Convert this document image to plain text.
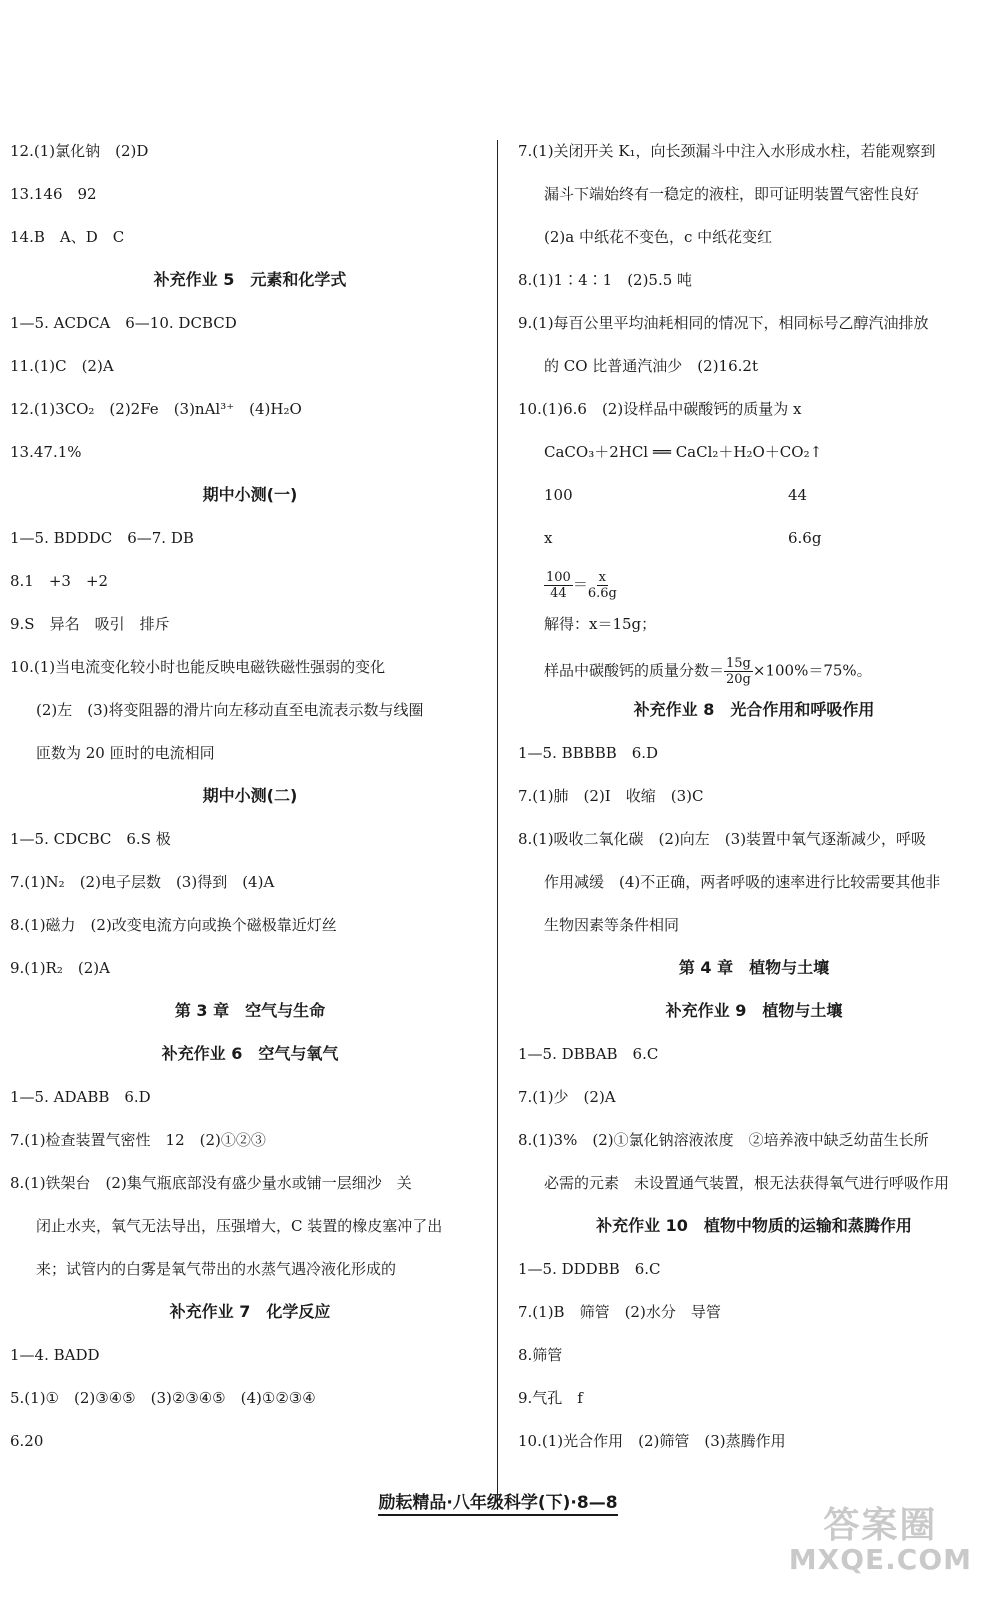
12.(1)氯化钠　(2)D
13.146　92
14.B　A、D　C
补充作业 5　元素和化学式
1—5. ACDCA　6—10. DCBCD
11.(1)C　(2)A
12.(1)3CO₂　(2)2Fe　(3)nAl³⁺　(4)H₂O
13.47.1%
期中小测(一)
1—5. BDDDC　6—7. DB
8.1　+3　+2
9.S　异名　吸引　排斥
10.(1)当电流变化较小时也能反映电磁铁磁性强弱的变化
(2)左　(3)将变阻器的滑片向左移动直至电流表示数与线圈
匝数为 20 匝时的电流相同
期中小测(二)
1—5. CDCBC　6.S 极
7.(1)N₂　(2)电子层数　(3)得到　(4)A
8.(1)磁力　(2)改变电流方向或换个磁极靠近灯丝
9.(1)R₂　(2)A
第 3 章　空气与生命
补充作业 6　空气与氧气
1—5. ADABB　6.D
7.(1)检查装置气密性　12　(2)①②③
8.(1)铁架台　(2)集气瓶底部没有盛少量水或铺一层细沙　关
闭止水夹，氧气无法导出，压强增大，C 装置的橡皮塞冲了出
来；试管内的白雾是氧气带出的水蒸气遇冷液化形成的
补充作业 7　化学反应
1—4. BADD
5.(1)①　(2)③④⑤　(3)②③④⑤　(4)①②③④
6.20
7.(1)关闭开关 K₁，向长颈漏斗中注入水形成水柱，若能观察到
漏斗下端始终有一稳定的液柱，即可证明装置气密性良好
(2)a 中纸花不变色，c 中纸花变红
8.(1)1∶4∶1　(2)5.5 吨
9.(1)每百公里平均油耗相同的情况下，相同标号乙醇汽油排放
的 CO 比普通汽油少　(2)16.2t
10.(1)6.6　(2)设样品中碳酸钙的质量为 x
CaCO₃＋2HCl ══ CaCl₂＋H₂O＋CO₂↑
100	44
x	6.6g
$\frac{100}{44} = \frac{x}{6.6g}$
解得：x＝15g；
样品中碳酸钙的质量分数＝ $\frac{15g}{20g} \times 100\%=75\%$。
补充作业 8　光合作用和呼吸作用
1—5. BBBBB　6.D
7.(1)肺　(2)Ⅰ　收缩　(3)C
8.(1)吸收二氧化碳　(2)向左　(3)装置中氧气逐渐减少，呼吸
作用减缓　(4)不正确，两者呼吸的速率进行比较需要其他非
生物因素等条件相同
第 4 章　植物与土壤
补充作业 9　植物与土壤
1—5. DBBAB　6.C
7.(1)少　(2)A
8.(1)3%　(2)①氯化钠溶液浓度　②培养液中缺乏幼苗生长所
必需的元素　未设置通气装置，根无法获得氧气进行呼吸作用
补充作业 10　植物中物质的运输和蒸腾作用
1—5. DDDBB　6.C
7.(1)B　筛管　(2)水分　导管
8.筛管
9.气孔　f
10.(1)光合作用　(2)筛管　(3)蒸腾作用
励耘精品·八年级科学(下)·8—8
答案圈
MXQE.COM
